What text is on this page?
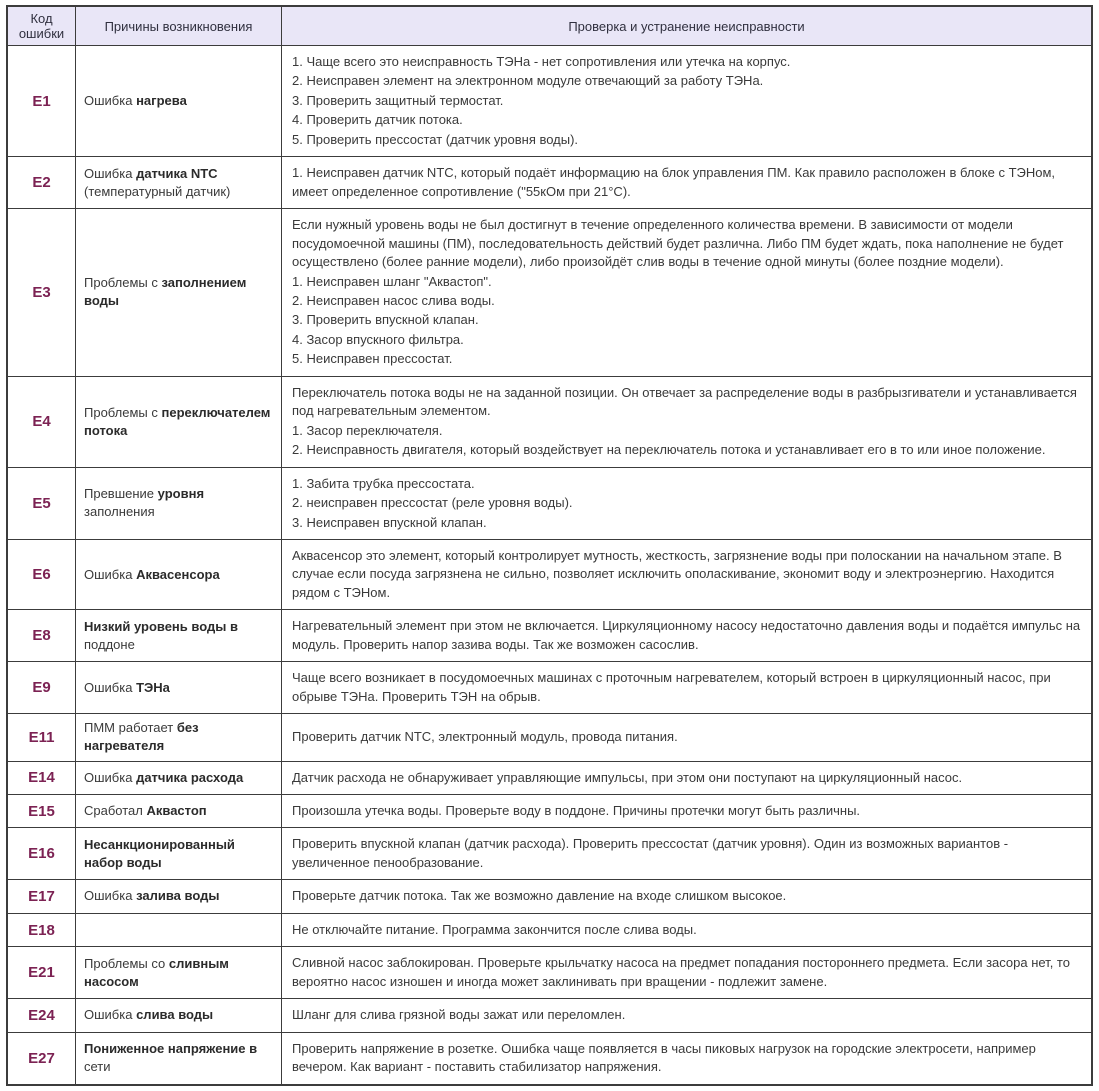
Код ошибки	Причины возникновения	Проверка и устранение неисправности
E1	Ошибка нагрева	1. Чаще всего это неисправность ТЭНа - нет сопротивления или утечка на корпус.
2. Неисправен элемент на электронном модуле отвечающий за работу ТЭНа.
3. Проверить защитный термостат.
4. Проверить датчик потока.
5. Проверить прессостат (датчик уровня воды).

E2	Ошибка датчика NTC (температурный датчик)	1. Неисправен датчик NTC, который подаёт информацию на блок управления ПМ. Как правило расположен в блоке с ТЭНом, имеет определенное сопротивление ("55кОм при 21°С).

E3	Проблемы с заполнением воды	
Если нужный уровень воды не был достигнут в течение определенного количества времени. В зависимости от модели посудомоечной машины (ПМ), последовательность действий будет различна. Либо ПМ будет ждать, пока наполнение не будет осуществлено (более ранние модели), либо произойдёт слив воды в течение одной минуты (более поздние модели).
1. Неисправен шланг "Аквастоп".
2. Неисправен насос слива воды.
3. Проверить впускной клапан.
4. Засор впускного фильтра.
5. Неисправен прессостат.

E4	Проблемы с переключателем потока	Переключатель потока воды не на заданной позиции. Он отвечает за распределение воды в разбрызгиватели и устанавливается под нагревательным элементом.
1. Засор переключателя.
2. Неисправность двигателя, который воздействует на переключатель потока и устанавливает его в то или иное положение.

E5	Превшение уровня заполнения	1. Забита трубка прессостата.
2. неисправен прессостат (реле уровня воды).
3. Неисправен впускной клапан.

E6	Ошибка Аквасенсора	Аквасенсор это элемент, который контролирует мутность, жесткость, загрязнение воды при полоскании на начальном этапе. В случае если посуда загрязнена не сильно, позволяет исключить ополаскивание, экономит воду и электроэнергию. Находится рядом с ТЭНом.

E8	Низкий уровень воды в поддоне	Нагревательный элемент при этом не включается. Циркуляционному насосу недостаточно давления воды и подаётся импульс на модуль. Проверить напор зазива воды. Так же возможен сасослив.

E9	Ошибка ТЭНа	Чаще всего возникает в посудомоечных машинах с проточным нагревателем, который встроен в циркуляционный насос, при обрыве ТЭНа. Проверить ТЭН на обрыв.

E11	ПММ работает без нагревателя	Проверить датчик NTC, электронный модуль, провода питания.

E14	Ошибка датчика расхода	Датчик расхода не обнаруживает управляющие импульсы, при этом они поступают на циркуляционный насос.

E15	Сработал Аквастоп	Произошла утечка воды. Проверьте воду в поддоне. Причины протечки могут быть различны.

E16	Несанкционированный набор воды	Проверить впускной клапан (датчик расхода). Проверить прессостат (датчик уровня). Один из возможных вариантов - увеличенное пенообразование.

E17	Ошибка залива воды	Проверьте датчик потока. Так же возможно давление на входе слишком высокое.

E18		Не отключайте питание. Программа закончится после слива воды.

E21	Проблемы со сливным насосом	Сливной насос заблокирован. Проверьте крыльчатку насоса на предмет попадания постороннего предмета. Если засора нет, то вероятно насос изношен и иногда может заклинивать при вращении - подлежит замене.

E24	Ошибка слива воды	Шланг для слива грязной воды зажат или переломлен.

E27	Пониженное напряжение в сети	Проверить напряжение в розетке. Ошибка чаще появляется в часы пиковых нагрузок на городские электросети, например вечером. Как вариант - поставить стабилизатор напряжения.
